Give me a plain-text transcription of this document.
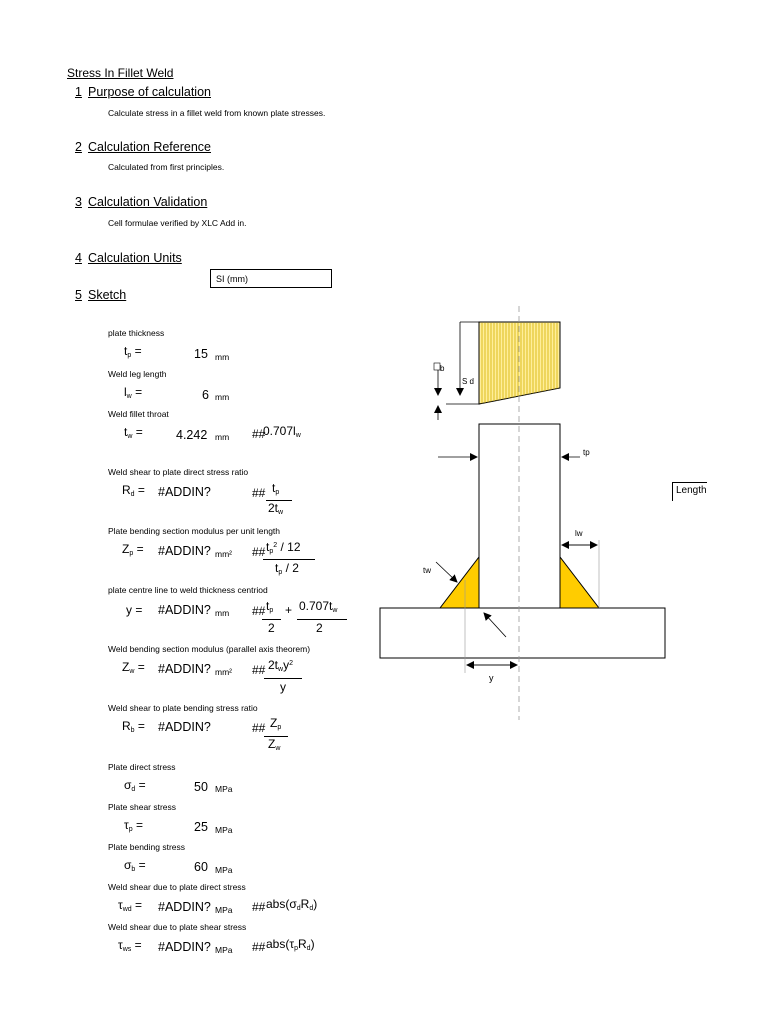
Stress In Fillet Weld
1 Purpose of calculation
Calculate stress in a fillet weld from known plate stresses.
2 Calculation Reference
Calculated from first principles.
3 Calculation Validation
Cell formulae verified by XLC Add in.
4 Calculation Units
SI (mm)
5 Sketch
plate thickness
$t_p$ =	15 mm
Weld leg length
$l_w$ =	6 mm
Weld fillet throat
$t_w$ =	4.242 mm ##
$0.707l_w$
Weld shear to plate direct stress ratio
$R_d$ = #ADDIN?	## $t_p$
$2t_w$
Plate bending section modulus per unit length
$Z_p$ = #ADDIN? mm² ## $t_p^2 / 12$
$t_p / 2$
plate centre line to weld thickness centriod
y = #ADDIN? mm ## $t_p + 0.707t_w$
2	2
Weld bending section modulus (parallel axis theorem)
$Z_w$ = #ADDIN? mm² ## $2t_wy^2$
y
Weld shear to plate bending stress ratio
$R_b$ = #ADDIN?	## $Z_p$
$Z_w$
Plate direct stress
$\sigma_d$ =	50 MPa
Plate shear stress
$\tau_p$ =	25 MPa
Plate bending stress
$\sigma_b$ =	60 MPa
Weld shear due to plate direct stress
$\tau_{wd}$ = #ADDIN? MPa ## $abs(\sigma_dR_d)$
Weld shear due to plate shear stress
$\tau_{ws}$ = #ADDIN? MPa ## $abs(\tau_pR_d)$
Length
b
S d
tp
lw
tw
y
